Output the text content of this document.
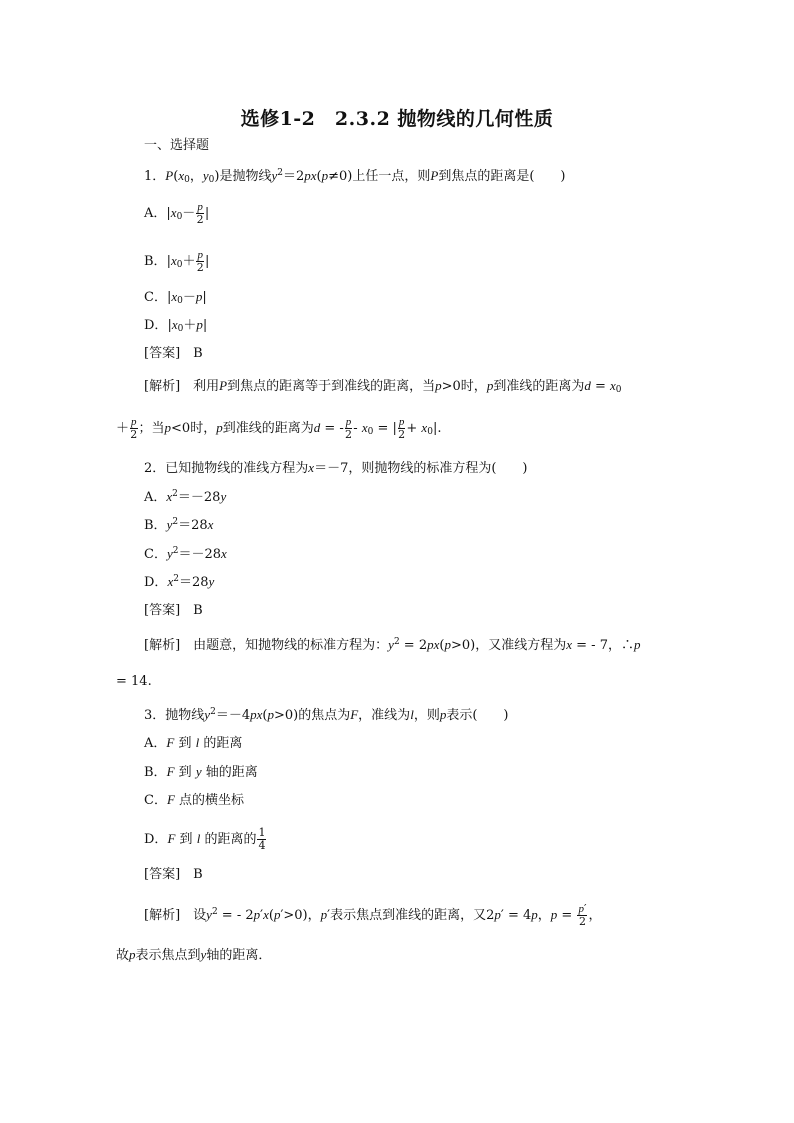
选修1-2　2.3.2 抛物线的几何性质
一、选择题
1．$P(x_0$，$y_0$)是抛物线$y^2=2px(p\ne 0)$上任一点，则P到焦点的距离是(　　)
A．$|x_0- \frac{p}{2}$ |
B．$|x_0+ \frac{p}{2}$ |
C．$|x_0-p|$
D．$|x_0+p|$
[答案]　B
[解析]　利用P到焦点的距离等于到准线的距离，当p>0时，p到准线的距离为$d = x_0$
＋ $\frac{p}{2}$ ；当p<0时，p到准线的距离为d = - $\frac{p}{2} - x_0$ = | $\frac{p}{2} + x_0|$.
2．已知抛物线的准线方程为x＝－7，则抛物线的标准方程为(　　)
A．$x^2=-28y$
B．$y^2=28x$
C．$y^2=-28x$
D．$x^2=28y$
[答案]　B
[解析]　由题意，知抛物线的标准方程为：$y^2 = 2px(p>0)$，又准线方程为x = - 7，∴p
= 14.
3．抛物线$y^2=-4px(p>0)$的焦点为F，准线为l，则p表示(　　)
A．F 到 l 的距离
B．F 到 y 轴的距离
C．F 点的横坐标
D．F 到 l 的距离的 $\frac{1}{4}$
[答案]　B
[解析]　设$y^2$ = - 2p′x(p′>0)，p′表示焦点到准线的距离，又2p′ = 4p，$p = \frac{p'}{2}$ ，
故p表示焦点到y轴的距离．
